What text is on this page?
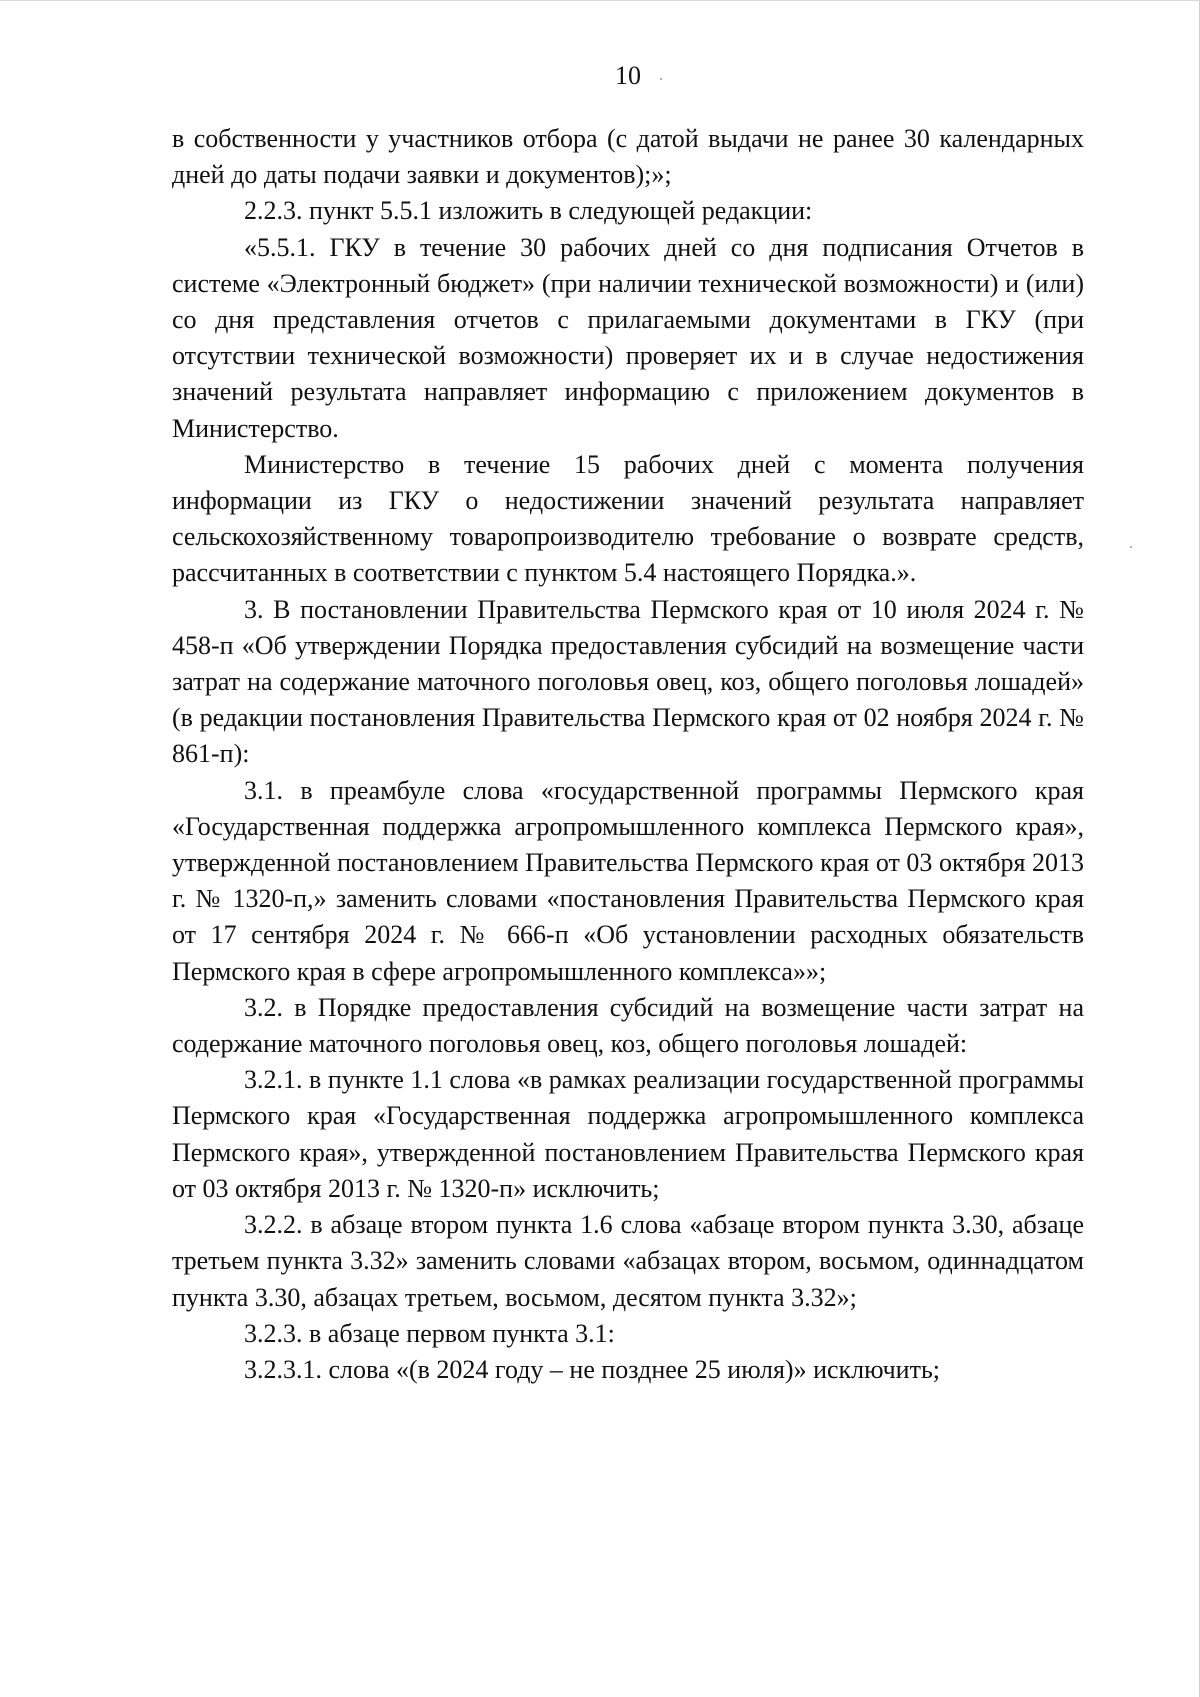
10

в собственности у участников отбора (с датой выдачи не ранее 30 календарных дней до даты подачи заявки и документов);»;

2.2.3. пункт 5.5.1 изложить в следующей редакции:

«5.5.1. ГКУ в течение 30 рабочих дней со дня подписания Отчетов в системе «Электронный бюджет» (при наличии технической возможности) и (или) со дня представления отчетов с прилагаемыми документами в ГКУ (при отсутствии технической возможности) проверяет их и в случае недостижения значений результата направляет информацию с приложением документов в Министерство.

Министерство в течение 15 рабочих дней с момента получения информации из ГКУ о недостижении значений результата направляет сельскохозяйственному товаропроизводителю требование о возврате средств, рассчитанных в соответствии с пунктом 5.4 настоящего Порядка.».

3. В постановлении Правительства Пермского края от 10 июля 2024 г. № 458-п «Об утверждении Порядка предоставления субсидий на возмещение части затрат на содержание маточного поголовья овец, коз, общего поголовья лошадей» (в редакции постановления Правительства Пермского края от 02 ноября 2024 г. № 861-п):

3.1. в преамбуле слова «государственной программы Пермского края «Государственная поддержка агропромышленного комплекса Пермского края», утвержденной постановлением Правительства Пермского края от 03 октября 2013 г. № 1320-п,» заменить словами «постановления Правительства Пермского края от 17 сентября 2024 г. № 666-п «Об установлении расходных обязательств Пермского края в сфере агропромышленного комплекса»»;

3.2. в Порядке предоставления субсидий на возмещение части затрат на содержание маточного поголовья овец, коз, общего поголовья лошадей:

3.2.1. в пункте 1.1 слова «в рамках реализации государственной программы Пермского края «Государственная поддержка агропромышленного комплекса Пермского края», утвержденной постановлением Правительства Пермского края от 03 октября 2013 г. № 1320-п» исключить;

3.2.2. в абзаце втором пункта 1.6 слова «абзаце втором пункта 3.30, абзаце третьем пункта 3.32» заменить словами «абзацах втором, восьмом, одиннадцатом пункта 3.30, абзацах третьем, восьмом, десятом пункта 3.32»;

3.2.3. в абзаце первом пункта 3.1:

3.2.3.1. слова «(в 2024 году – не позднее 25 июля)» исключить;
